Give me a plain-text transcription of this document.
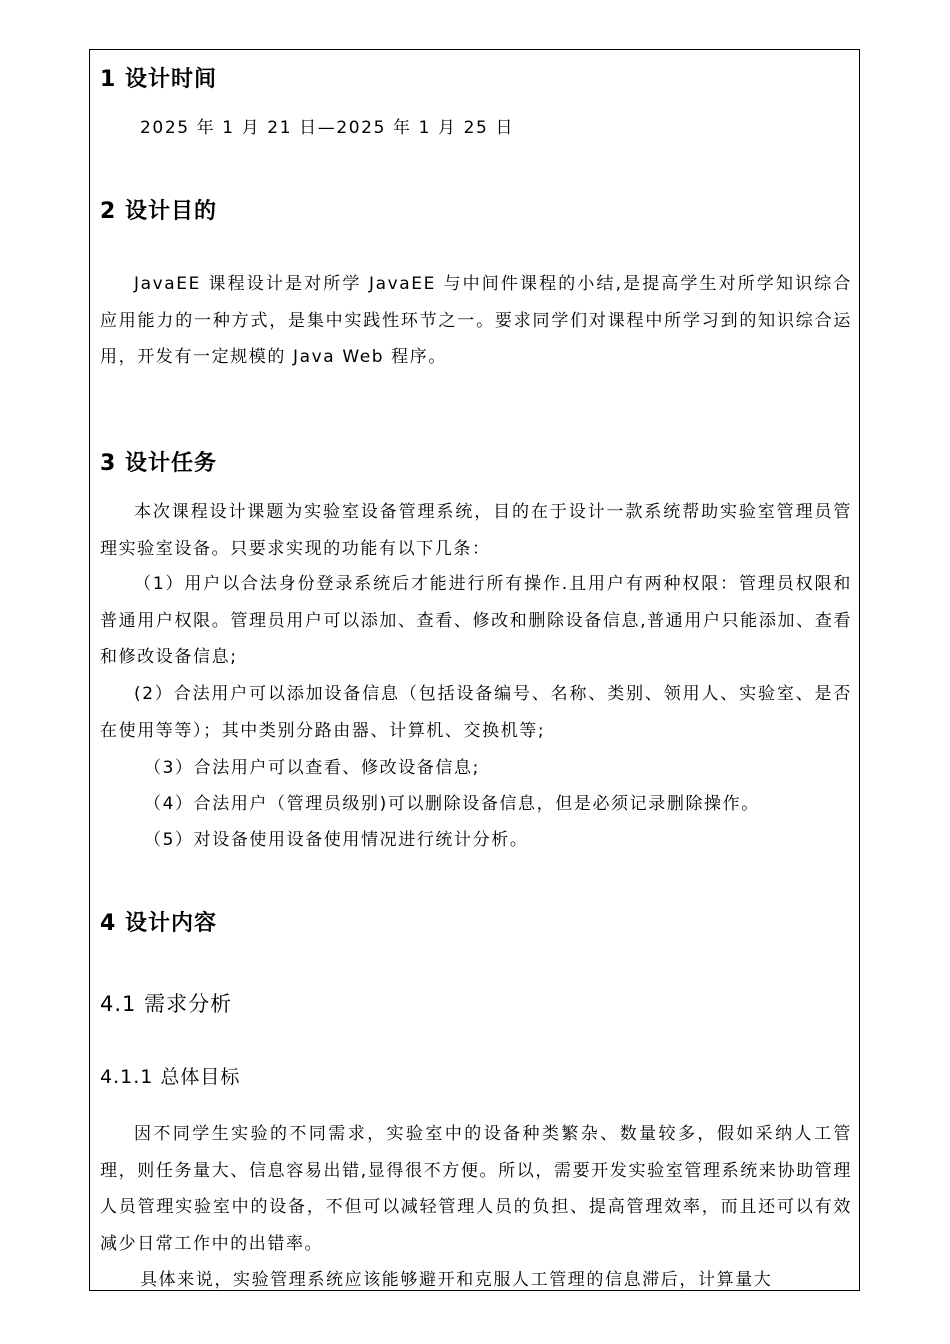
1 设计时间
2025 年 1 月 21 日—2025 年 1 月 25 日
2 设计目的
JavaEE 课程设计是对所学 JavaEE 与中间件课程的小结,是提高学生对所学知识综合应用能力的一种方式，是集中实践性环节之一。要求同学们对课程中所学习到的知识综合运用，开发有一定规模的 Java Web 程序。
3 设计任务
本次课程设计课题为实验室设备管理系统，目的在于设计一款系统帮助实验室管理员管理实验室设备。只要求实现的功能有以下几条：
（1）用户以合法身份登录系统后才能进行所有操作.且用户有两种权限：管理员权限和普通用户权限。管理员用户可以添加、查看、修改和删除设备信息,普通用户只能添加、查看和修改设备信息;
(2）合法用户可以添加设备信息（包括设备编号、名称、类别、领用人、实验室、是否在使用等等）；其中类别分路由器、计算机、交换机等;
（3）合法用户可以查看、修改设备信息;
（4）合法用户（管理员级别)可以删除设备信息，但是必须记录删除操作。
（5）对设备使用设备使用情况进行统计分析。
4 设计内容
4.1 需求分析
4.1.1 总体目标
因不同学生实验的不同需求，实验室中的设备种类繁杂、数量较多，假如采纳人工管理，则任务量大、信息容易出错,显得很不方便。所以，需要开发实验室管理系统来协助管理人员管理实验室中的设备，不但可以减轻管理人员的负担、提高管理效率，而且还可以有效减少日常工作中的出错率。
具体来说，实验管理系统应该能够避开和克服人工管理的信息滞后，计算量大
